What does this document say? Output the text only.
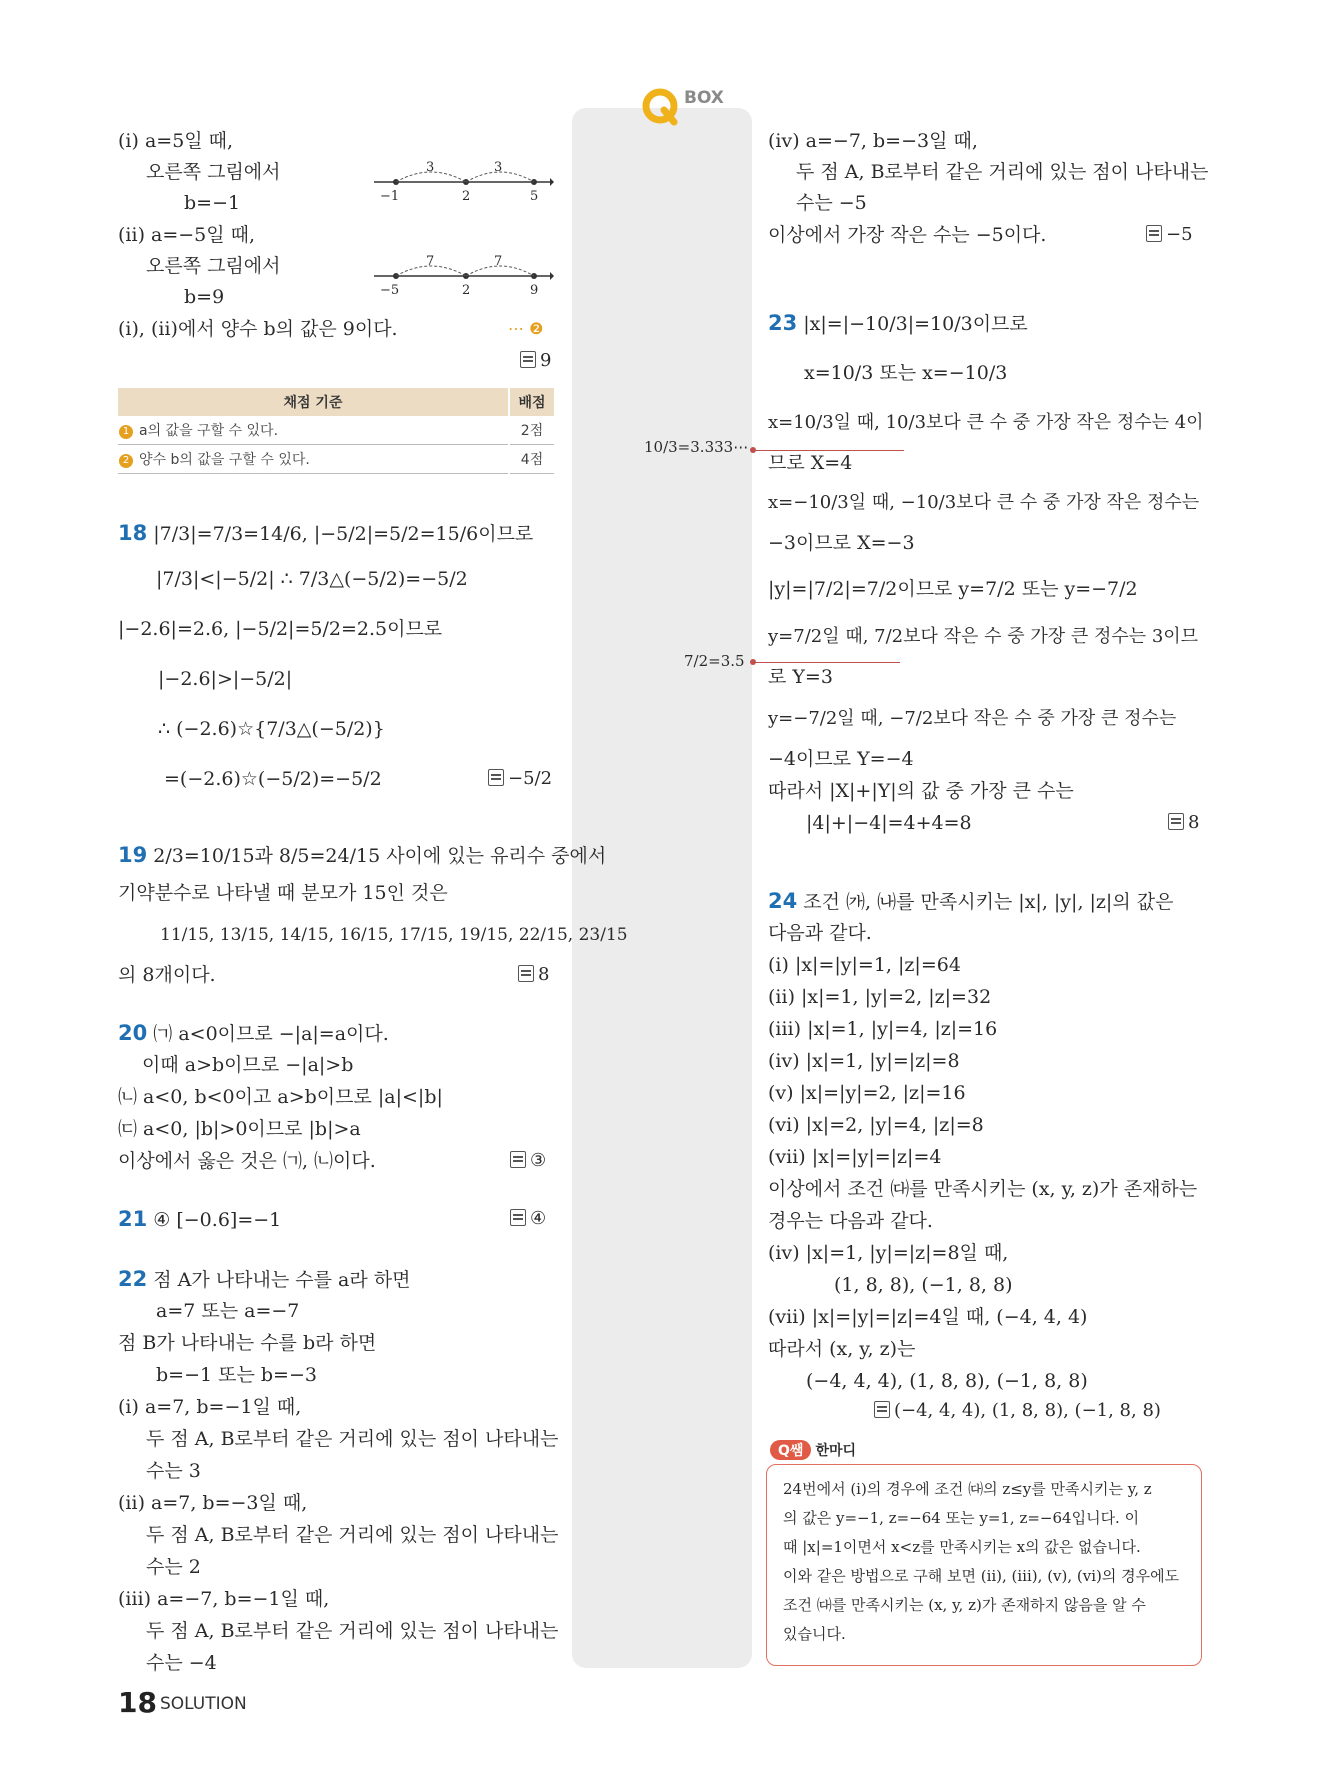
BOX
(ⅰ) a=5일 때,
오른쪽 그림에서
b=−1
(ⅱ) a=−5일 때,
오른쪽 그림에서
b=9
(ⅰ), (ⅱ)에서 양수 b의 값은 9이다.	⋯ ❷
9
−1	2	5
3	3
−5	2	9
7	7
채점 기준	배점
1 a의 값을 구할 수 있다.	2점
2 양수 b의 값을 구할 수 있다.	4점
18 |7/3|=7/3=14/6, |−5/2|=5/2=15/6이므로
|7/3|<|−5/2| ∴ 7/3△(−5/2)=−5/2
|−2.6|=2.6, |−5/2|=5/2=2.5이므로
|−2.6|>|−5/2|
∴ (−2.6)☆{7/3△(−5/2)}
=(−2.6)☆(−5/2)=−5/2	−5/2
19 2/3=10/15과 8/5=24/15 사이에 있는 유리수 중에서
기약분수로 나타낼 때 분모가 15인 것은
11/15, 13/15, 14/15, 16/15, 17/15, 19/15, 22/15, 23/15
의 8개이다.	8
20 ㈀ a<0이므로 −|a|=a이다.
이때 a>b이므로 −|a|>b
㈁ a<0, b<0이고 a>b이므로 |a|<|b|
㈂ a<0, |b|>0이므로 |b|>a
이상에서 옳은 것은 ㈀, ㈁이다.	③
21 ④ [−0.6]=−1	④
22 점 A가 나타내는 수를 a라 하면
a=7 또는 a=−7
점 B가 나타내는 수를 b라 하면
b=−1 또는 b=−3
(ⅰ) a=7, b=−1일 때,
두 점 A, B로부터 같은 거리에 있는 점이 나타내는
수는 3
(ⅱ) a=7, b=−3일 때,
두 점 A, B로부터 같은 거리에 있는 점이 나타내는
수는 2
(ⅲ) a=−7, b=−1일 때,
두 점 A, B로부터 같은 거리에 있는 점이 나타내는
수는 −4
10/3=3.333⋯
7/2=3.5
(ⅳ) a=−7, b=−3일 때,
두 점 A, B로부터 같은 거리에 있는 점이 나타내는
수는 −5
이상에서 가장 작은 수는 −5이다.	−5
23 |x|=|−10/3|=10/3이므로
x=10/3 또는 x=−10/3
x=10/3일 때, 10/3보다 큰 수 중 가장 작은 정수는 4이
므로 X=4
x=−10/3일 때, −10/3보다 큰 수 중 가장 작은 정수는
−3이므로 X=−3
|y|=|7/2|=7/2이므로 y=7/2 또는 y=−7/2
y=7/2일 때, 7/2보다 작은 수 중 가장 큰 정수는 3이므
로 Y=3
y=−7/2일 때, −7/2보다 작은 수 중 가장 큰 정수는
−4이므로 Y=−4
따라서 |X|+|Y|의 값 중 가장 큰 수는
|4|+|−4|=4+4=8	8
24 조건 ㈎, ㈏를 만족시키는 |x|, |y|, |z|의 값은
다음과 같다.
(ⅰ) |x|=|y|=1, |z|=64
(ⅱ) |x|=1, |y|=2, |z|=32
(ⅲ) |x|=1, |y|=4, |z|=16
(ⅳ) |x|=1, |y|=|z|=8
(ⅴ) |x|=|y|=2, |z|=16
(ⅵ) |x|=2, |y|=4, |z|=8
(ⅶ) |x|=|y|=|z|=4
이상에서 조건 ㈐를 만족시키는 (x, y, z)가 존재하는
경우는 다음과 같다.
(ⅳ) |x|=1, |y|=|z|=8일 때,
(1, 8, 8), (−1, 8, 8)
(ⅶ) |x|=|y|=|z|=4일 때, (−4, 4, 4)
따라서 (x, y, z)는
(−4, 4, 4), (1, 8, 8), (−1, 8, 8)
(−4, 4, 4), (1, 8, 8), (−1, 8, 8)
Q쌤 한마디
24번에서 (ⅰ)의 경우에 조건 ㈐의 z≤y를 만족시키는 y, z
의 값은 y=−1, z=−64 또는 y=1, z=−64입니다. 이
때 |x|=1이면서 x<z를 만족시키는 x의 값은 없습니다.
이와 같은 방법으로 구해 보면 (ⅱ), (ⅲ), (ⅴ), (ⅵ)의 경우에도
조건 ㈐를 만족시키는 (x, y, z)가 존재하지 않음을 알 수
있습니다.
18 SOLUTION
